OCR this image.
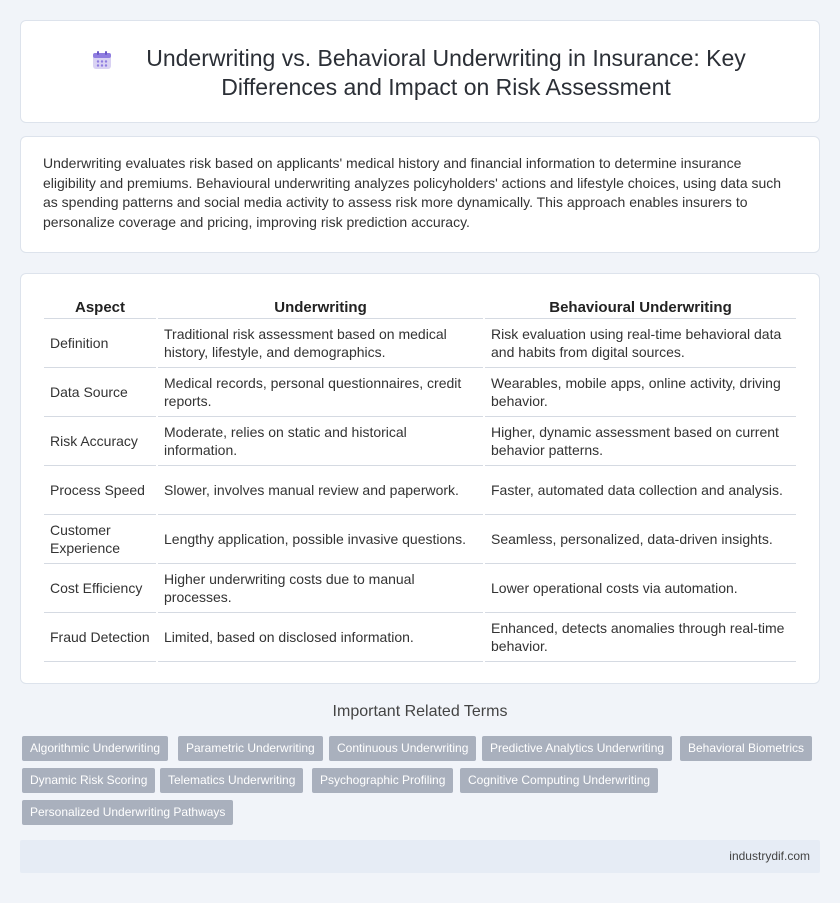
Underwriting vs. Behavioral Underwriting in Insurance: Key Differences and Impact on Risk Assessment

Underwriting evaluates risk based on applicants' medical history and financial information to determine insurance eligibility and premiums. Behavioural underwriting analyzes policyholders' actions and lifestyle choices, using data such as spending patterns and social media activity to assess risk more dynamically. This approach enables insurers to personalize coverage and pricing, improving risk prediction accuracy.

Aspect	Underwriting	Behavioural Underwriting
Definition	Traditional risk assessment based on medical history, lifestyle, and demographics.	Risk evaluation using real-time behavioral data and habits from digital sources.
Data Source	Medical records, personal questionnaires, credit reports.	Wearables, mobile apps, online activity, driving behavior.
Risk Accuracy	Moderate, relies on static and historical information.	Higher, dynamic assessment based on current behavior patterns.
Process Speed	Slower, involves manual review and paperwork.	Faster, automated data collection and analysis.
Customer Experience	Lengthy application, possible invasive questions.	Seamless, personalized, data-driven insights.
Cost Efficiency	Higher underwriting costs due to manual processes.	Lower operational costs via automation.
Fraud Detection	Limited, based on disclosed information.	Enhanced, detects anomalies through real-time behavior.
Important Related Terms
Algorithmic Underwriting	Parametric Underwriting	Continuous Underwriting	Predictive Analytics Underwriting	Behavioral Biometrics
Dynamic Risk Scoring	Telematics Underwriting	Psychographic Profiling	Cognitive Computing Underwriting
Personalized Underwriting Pathways
industrydif.com
